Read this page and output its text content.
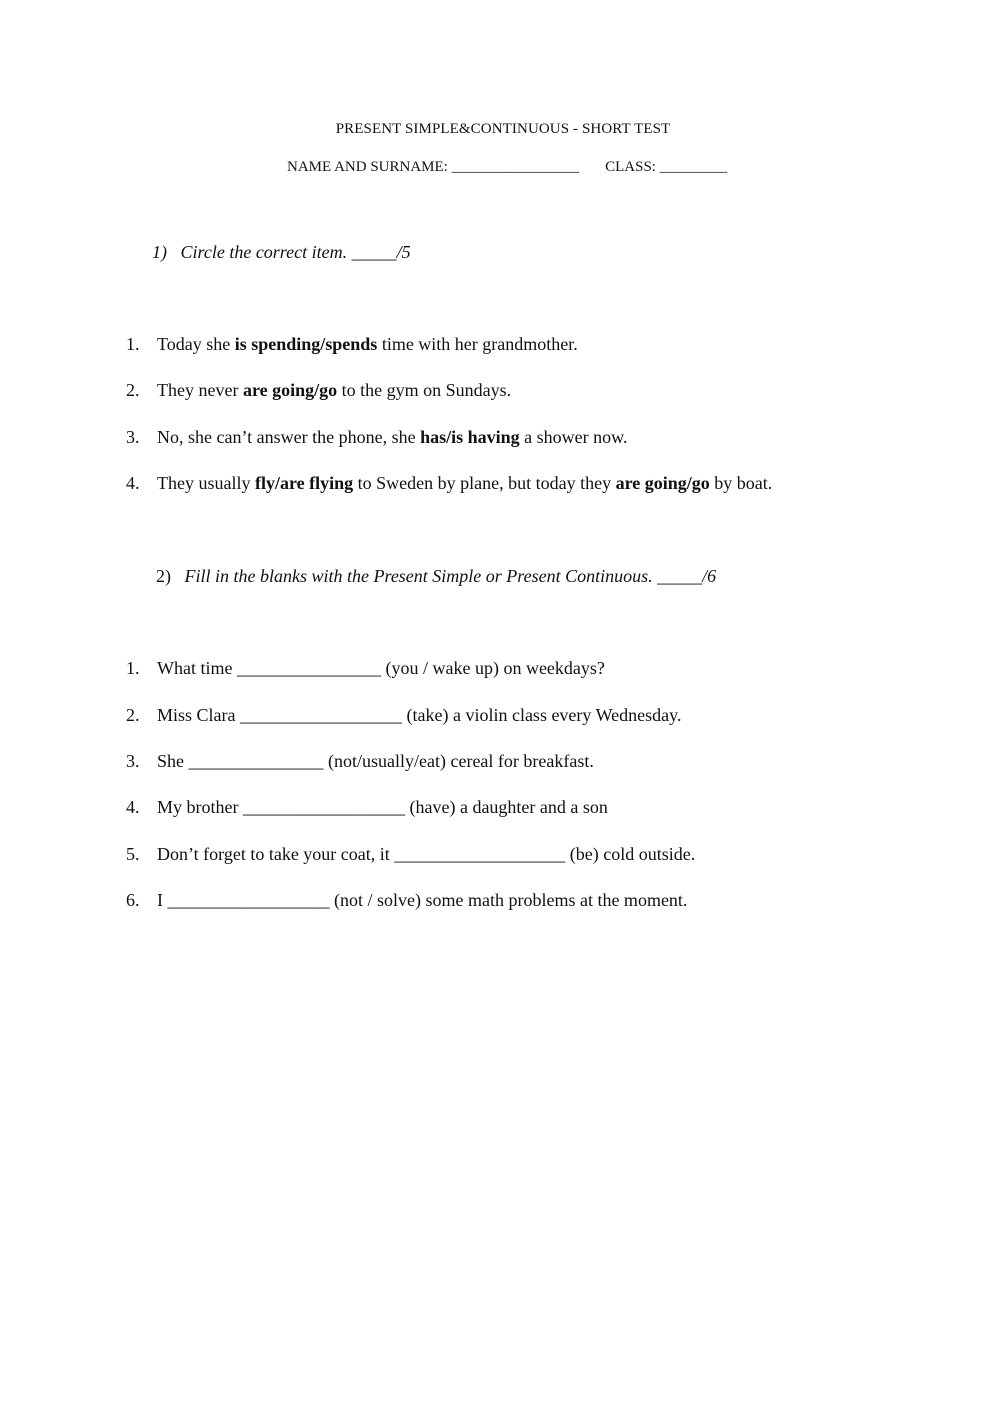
PRESENT SIMPLE&CONTINUOUS - SHORT TEST
NAME AND SURNAME: _________________ CLASS: _________
1) Circle the correct item. _____/5
1. Today she is spending/spends time with her grandmother.
2. They never are going/go to the gym on Sundays.
3. No, she can’t answer the phone, she has/is having a shower now.
4. They usually fly/are flying to Sweden by plane, but today they are going/go by boat.
2) Fill in the blanks with the Present Simple or Present Continuous. _____/6
1. What time ________________ (you / wake up) on weekdays?
2. Miss Clara __________________ (take) a violin class every Wednesday.
3. She _______________ (not/usually/eat) cereal for breakfast.
4. My brother __________________ (have) a daughter and a son
5. Don’t forget to take your coat, it ___________________ (be) cold outside.
6. I __________________ (not / solve) some math problems at the moment.
